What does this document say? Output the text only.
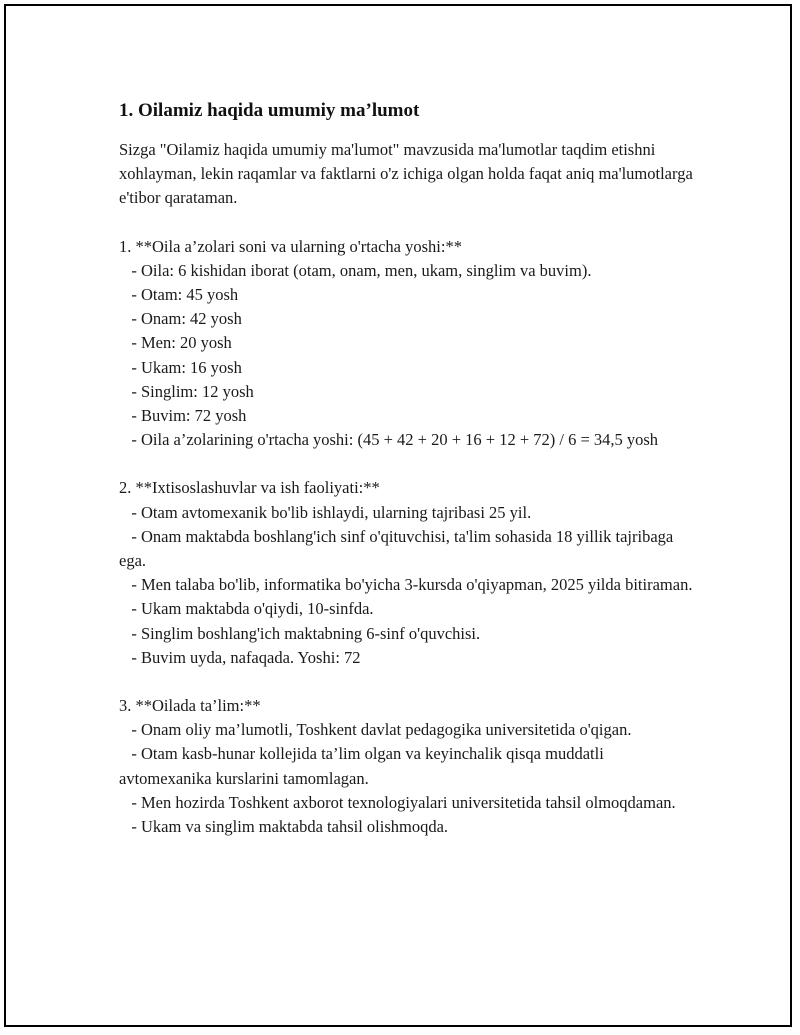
1. Oilamiz haqida umumiy ma’lumot

Sizga "Oilamiz haqida umumiy ma'lumot" mavzusida ma'lumotlar taqdim etishni xohlayman, lekin raqamlar va faktlarni o'z ichiga olgan holda faqat aniq ma'lumotlarga e'tibor qarataman.

1. **Oila a’zolari soni va ularning o'rtacha yoshi:**

- Oila: 6 kishidan iborat (otam, onam, men, ukam, singlim va buvim).

- Otam: 45 yosh

- Onam: 42 yosh

- Men: 20 yosh

- Ukam: 16 yosh

- Singlim: 12 yosh

- Buvim: 72 yosh

- Oila a’zolarining o'rtacha yoshi: (45 + 42 + 20 + 16 + 12 + 72) / 6 = 34,5 yosh

2. **Ixtisoslashuvlar va ish faoliyati:**

- Otam avtomexanik bo'lib ishlaydi, ularning tajribasi 25 yil.

- Onam maktabda boshlang'ich sinf o'qituvchisi, ta'lim sohasida 18 yillik tajribaga ega.

- Men talaba bo'lib, informatika bo'yicha 3-kursda o'qiyapman, 2025 yilda bitiraman.

- Ukam maktabda o'qiydi, 10-sinfda.

- Singlim boshlang'ich maktabning 6-sinf o'quvchisi.

- Buvim uyda, nafaqada. Yoshi: 72

3. **Oilada ta’lim:**

- Onam oliy ma’lumotli, Toshkent davlat pedagogika universitetida o'qigan.

- Otam kasb-hunar kollejida ta’lim olgan va keyinchalik qisqa muddatli avtomexanika kurslarini tamomlagan.

- Men hozirda Toshkent axborot texnologiyalari universitetida tahsil olmoqdaman.

- Ukam va singlim maktabda tahsil olishmoqda.
